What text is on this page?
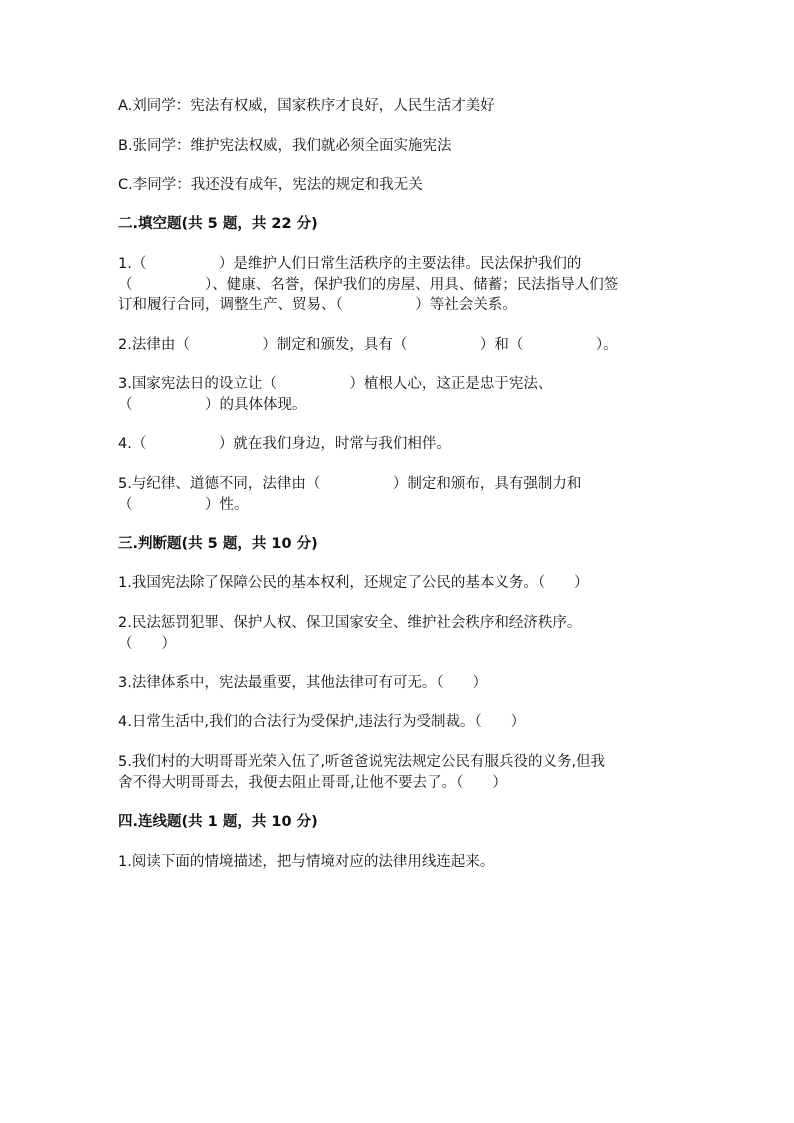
A.刘同学：宪法有权威，国家秩序才良好，人民生活才美好
B.张同学：维护宪法权威，我们就必须全面实施宪法
C.李同学：我还没有成年，宪法的规定和我无关
二.填空题(共 5 题，共 22 分)
1.（　　　　　）是维护人们日常生活秩序的主要法律。民法保护我们的
（　　　　　）、健康、名誉，保护我们的房屋、用具、储蓄；民法指导人们签
订和履行合同，调整生产、贸易、（　　　　　）等社会关系。
2.法律由（　　　　　）制定和颁发，具有（　　　　　）和（　　　　　）。
3.国家宪法日的设立让（　　　　　）植根人心，这正是忠于宪法、
（　　　　　）的具体体现。
4.（　　　　　）就在我们身边，时常与我们相伴。
5.与纪律、道德不同，法律由（　　　　　）制定和颁布，具有强制力和
（　　　　　）性。
三.判断题(共 5 题，共 10 分)
1.我国宪法除了保障公民的基本权利，还规定了公民的基本义务。（　　）
2.民法惩罚犯罪、保护人权、保卫国家安全、维护社会秩序和经济秩序。
（　　）
3.法律体系中，宪法最重要，其他法律可有可无。（　　）
4.日常生活中,我们的合法行为受保护,违法行为受制裁。（　　）
5.我们村的大明哥哥光荣入伍了,听爸爸说宪法规定公民有服兵役的义务,但我
舍不得大明哥哥去，我便去阻止哥哥,让他不要去了。（　　）
四.连线题(共 1 题，共 10 分)
1.阅读下面的情境描述，把与情境对应的法律用线连起来。
